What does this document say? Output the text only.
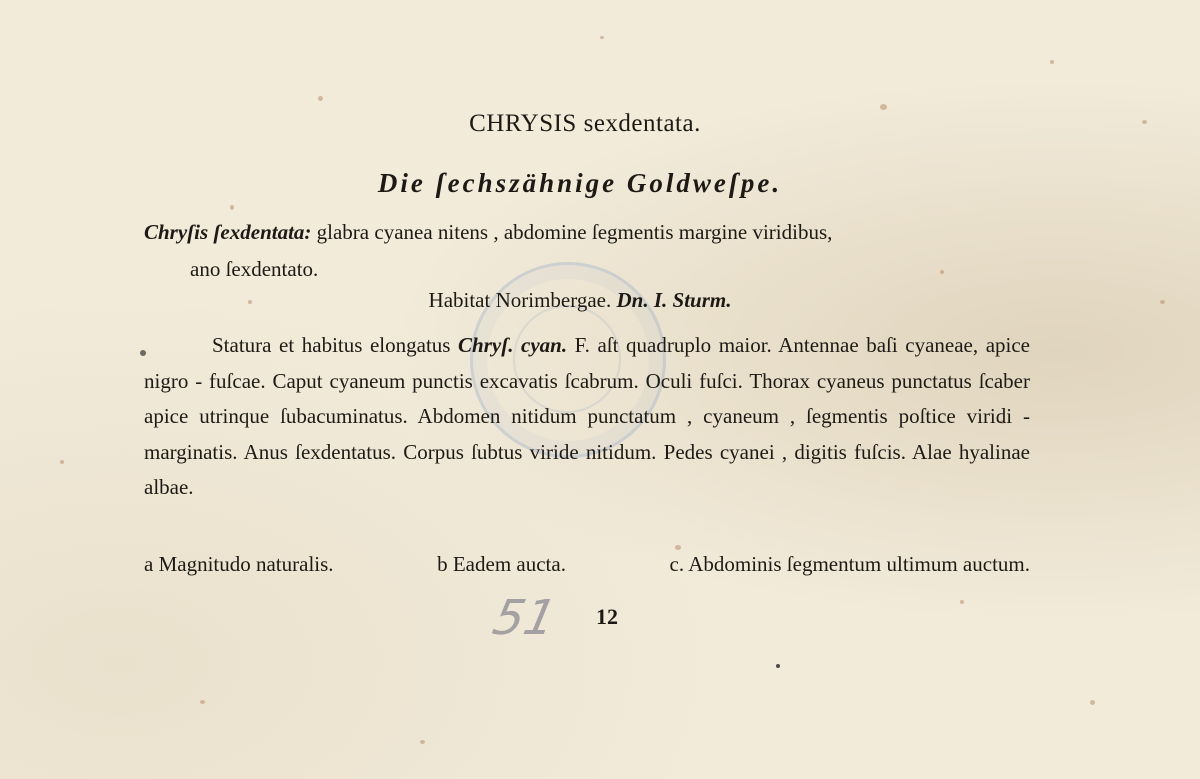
CHRYSIS sexdentata.
Die ſechszähnige Goldweſpe.
Chryſis ſexdentata: glabra cyanea nitens , abdomine ſegmentis margine viridibus,
ano ſexdentato.
Habitat Norimbergae. Dn. I. Sturm.
Statura et habitus elongatus Chryſ. cyan. F. aſt quadruplo maior. Antennae baſi cyaneae, apice nigro - fuſcae. Caput cyaneum punctis excavatis ſcabrum. Oculi fuſci. Thorax cyaneus punctatus ſcaber apice utrinque ſubacuminatus. Abdomen nitidum punctatum , cyaneum , ſegmentis poſtice viridi - marginatis. Anus ſexdentatus. Corpus ſubtus viride nitidum. Pedes cyanei , digitis fuſcis. Alae hyalinae albae.
a Magnitudo naturalis.	b Eadem aucta.	c. Abdominis ſegmentum ultimum auctum.
51 12
